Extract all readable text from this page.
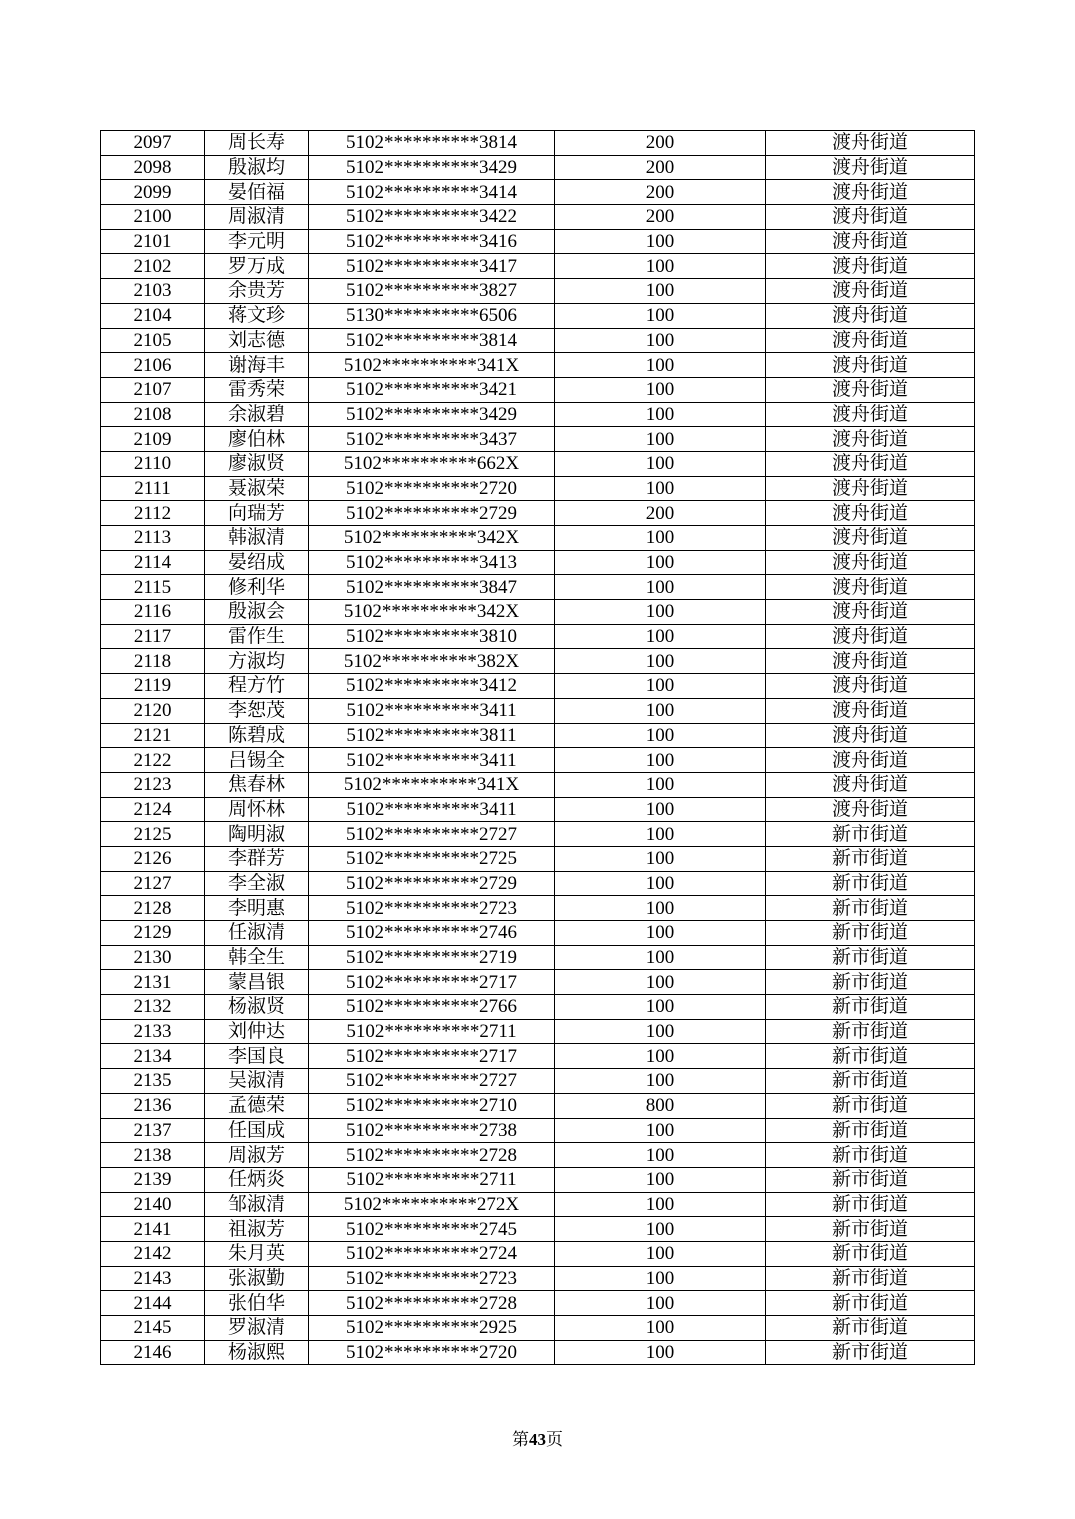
2097	周长寿	5102**********3814	200	渡舟街道
2098	殷淑均	5102**********3429	200	渡舟街道
2099	晏佰福	5102**********3414	200	渡舟街道
2100	周淑清	5102**********3422	200	渡舟街道
2101	李元明	5102**********3416	100	渡舟街道
2102	罗万成	5102**********3417	100	渡舟街道
2103	余贵芳	5102**********3827	100	渡舟街道
2104	蒋文珍	5130**********6506	100	渡舟街道
2105	刘志德	5102**********3814	100	渡舟街道
2106	谢海丰	5102**********341X	100	渡舟街道
2107	雷秀荣	5102**********3421	100	渡舟街道
2108	余淑碧	5102**********3429	100	渡舟街道
2109	廖伯林	5102**********3437	100	渡舟街道
2110	廖淑贤	5102**********662X	100	渡舟街道
2111	聂淑荣	5102**********2720	100	渡舟街道
2112	向瑞芳	5102**********2729	200	渡舟街道
2113	韩淑清	5102**********342X	100	渡舟街道
2114	晏绍成	5102**********3413	100	渡舟街道
2115	修利华	5102**********3847	100	渡舟街道
2116	殷淑会	5102**********342X	100	渡舟街道
2117	雷作生	5102**********3810	100	渡舟街道
2118	方淑均	5102**********382X	100	渡舟街道
2119	程方竹	5102**********3412	100	渡舟街道
2120	李恕茂	5102**********3411	100	渡舟街道
2121	陈碧成	5102**********3811	100	渡舟街道
2122	吕锡全	5102**********3411	100	渡舟街道
2123	焦春林	5102**********341X	100	渡舟街道
2124	周怀林	5102**********3411	100	渡舟街道
2125	陶明淑	5102**********2727	100	新市街道
2126	李群芳	5102**********2725	100	新市街道
2127	李全淑	5102**********2729	100	新市街道
2128	李明惠	5102**********2723	100	新市街道
2129	任淑清	5102**********2746	100	新市街道
2130	韩全生	5102**********2719	100	新市街道
2131	蒙昌银	5102**********2717	100	新市街道
2132	杨淑贤	5102**********2766	100	新市街道
2133	刘仲达	5102**********2711	100	新市街道
2134	李国良	5102**********2717	100	新市街道
2135	吴淑清	5102**********2727	100	新市街道
2136	孟德荣	5102**********2710	800	新市街道
2137	任国成	5102**********2738	100	新市街道
2138	周淑芳	5102**********2728	100	新市街道
2139	任炳炎	5102**********2711	100	新市街道
2140	邹淑清	5102**********272X	100	新市街道
2141	祖淑芳	5102**********2745	100	新市街道
2142	朱月英	5102**********2724	100	新市街道
2143	张淑勤	5102**********2723	100	新市街道
2144	张伯华	5102**********2728	100	新市街道
2145	罗淑清	5102**********2925	100	新市街道
2146	杨淑熙	5102**********2720	100	新市街道
第43页
